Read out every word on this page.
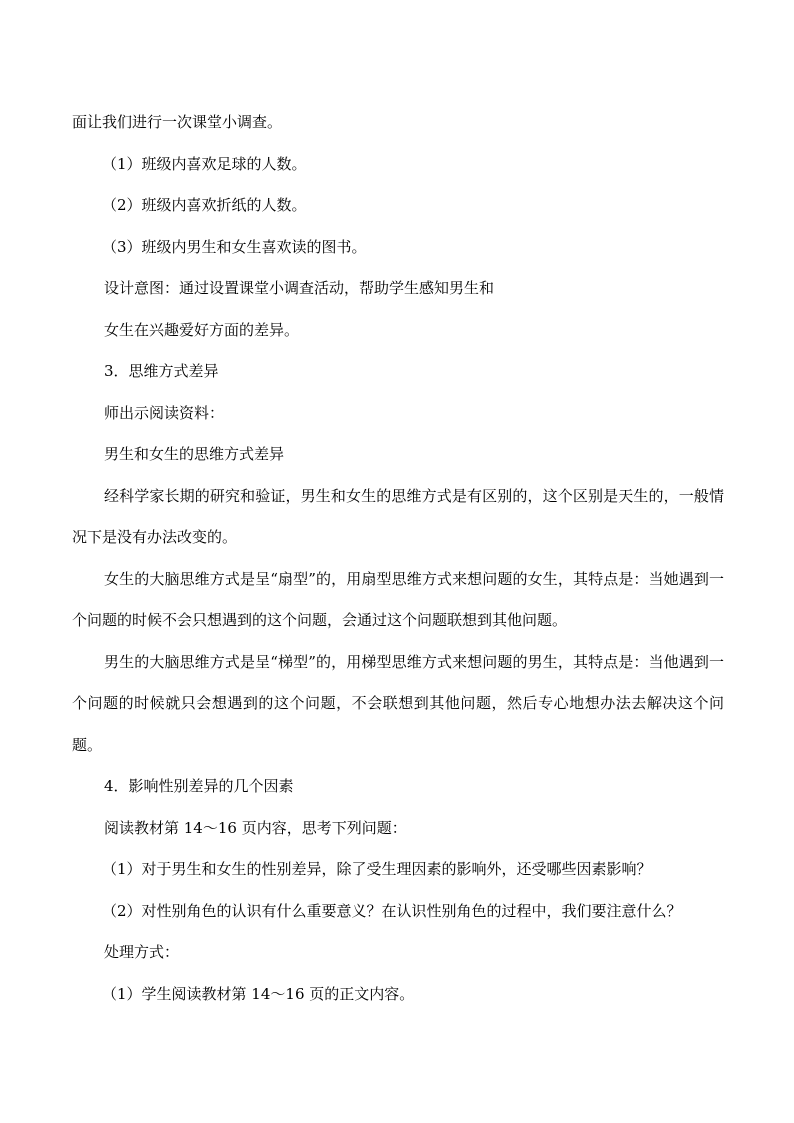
面让我们进行一次课堂小调查。

（1）班级内喜欢足球的人数。

（2）班级内喜欢折纸的人数。

（3）班级内男生和女生喜欢读的图书。

设计意图：通过设置课堂小调查活动，帮助学生感知男生和

女生在兴趣爱好方面的差异。

3．思维方式差异

师出示阅读资料：

男生和女生的思维方式差异

经科学家长期的研究和验证，男生和女生的思维方式是有区别的，这个区别是天生的，一般情况下是没有办法改变的。

女生的大脑思维方式是呈“扇型”的，用扇型思维方式来想问题的女生，其特点是：当她遇到一个问题的时候不会只想遇到的这个问题，会通过这个问题联想到其他问题。

男生的大脑思维方式是呈“梯型”的，用梯型思维方式来想问题的男生，其特点是：当他遇到一个问题的时候就只会想遇到的这个问题，不会联想到其他问题，然后专心地想办法去解决这个问题。

4．影响性别差异的几个因素

阅读教材第 14～16 页内容，思考下列问题：

（1）对于男生和女生的性别差异，除了受生理因素的影响外，还受哪些因素影响？

（2）对性别角色的认识有什么重要意义？在认识性别角色的过程中，我们要注意什么？

处理方式：

（1）学生阅读教材第 14～16 页的正文内容。
